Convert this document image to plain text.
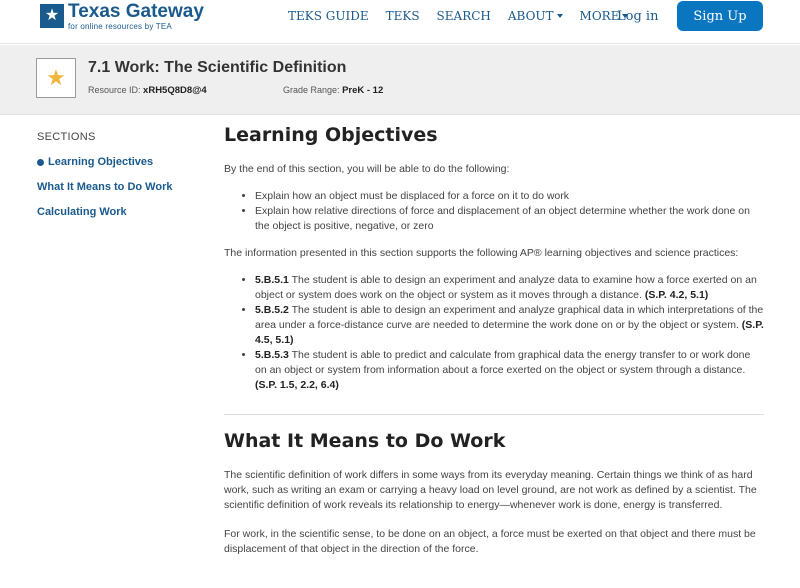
★ Texas Gateway
for online resources by TEA
TEKS GUIDE TEKS SEARCH ABOUT MORE
Log in	Sign Up
★	7.1 Work: The Scientific Definition
Resource ID: xRH5Q8D8@4	Grade Range: PreK - 12
SECTIONS
Learning Objectives
What It Means to Do Work
Calculating Work
Learning Objectives

By the end of this section, you will be able to do the following:

• Explain how an object must be displaced for a force on it to do work
• Explain how relative directions of force and displacement of an object determine whether the work done on the object is positive, negative, or zero

The information presented in this section supports the following AP® learning objectives and science practices:

• 5.B.5.1 The student is able to design an experiment and analyze data to examine how a force exerted on an object or system does work on the object or system as it moves through a distance. (S.P. 4.2, 5.1)
• 5.B.5.2 The student is able to design an experiment and analyze graphical data in which interpretations of the area under a force-distance curve are needed to determine the work done on or by the object or system. (S.P. 4.5, 5.1)
• 5.B.5.3 The student is able to predict and calculate from graphical data the energy transfer to or work done on an object or system from information about a force exerted on the object or system through a distance. (S.P. 1.5, 2.2, 6.4)
What It Means to Do Work

The scientific definition of work differs in some ways from its everyday meaning. Certain things we think of as hard work, such as writing an exam or carrying a heavy load on level ground, are not work as defined by a scientist. The scientific definition of work reveals its relationship to energy—whenever work is done, energy is transferred.

For work, in the scientific sense, to be done on an object, a force must be exerted on that object and there must be displacement of that object in the direction of the force.
